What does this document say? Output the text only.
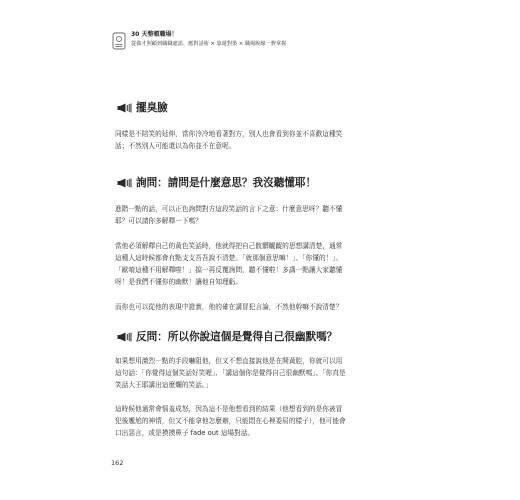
30 天整頓職場！
從做才照顧到職職處語、應對話術 × 靠還對策 × 職場脫線一費掌握
擺臭臉
同樣是不陪笑的延伸，當你冷冷地看著對方，別人也會看到你並不喜歡這種笑
話；不然別人可能還以為你並不在意呢。
詢問：請問是什麼意思？我沒聽懂耶！
進階一點的話，可以正色詢問對方這段笑話的言下之意：什麼意思呀？聽不懂
耶？可以請你多解釋一下嗎？
當他必須解釋自己的黃色笑話時，他就得把自己骯髒齷齪的思想講清楚，通常
這種人這時候都會有點支支吾吾說不清楚。「就那個意思嘛！」、「你懂的！」、
「歐唷這種不用解釋啦！」擋一再反覆詢問，聽不懂啦！多講一點讓大家聽懂
呀！是我們不懂你的幽默！讓他自知理虧。
而你也可以從他的表現中證實，他的確在講冒犯言論，不然他幹嘛不說清楚？
反問：所以你說這個是覺得自己很幽默嗎？
如果想用激烈一點的手段嚇阻他，但又不想直接說他是在開黃腔，你就可以用
這句話：「你覺得這個笑話好笑喔」、「講這個你是覺得自己很幽默嗎」、「你真是
笑話大王耶講出這麼爛的笑話。」
這時候他通常會惱羞成怒，因為這不是他想看到的結果（他想看到的是你被冒
犯後尷尬的神情，但又不能拿他怎麼辦，只能悶在心裡委屈的樣子），他可能會
口出惡言，或是摸摸鼻子 fade out 這場對話。
162
